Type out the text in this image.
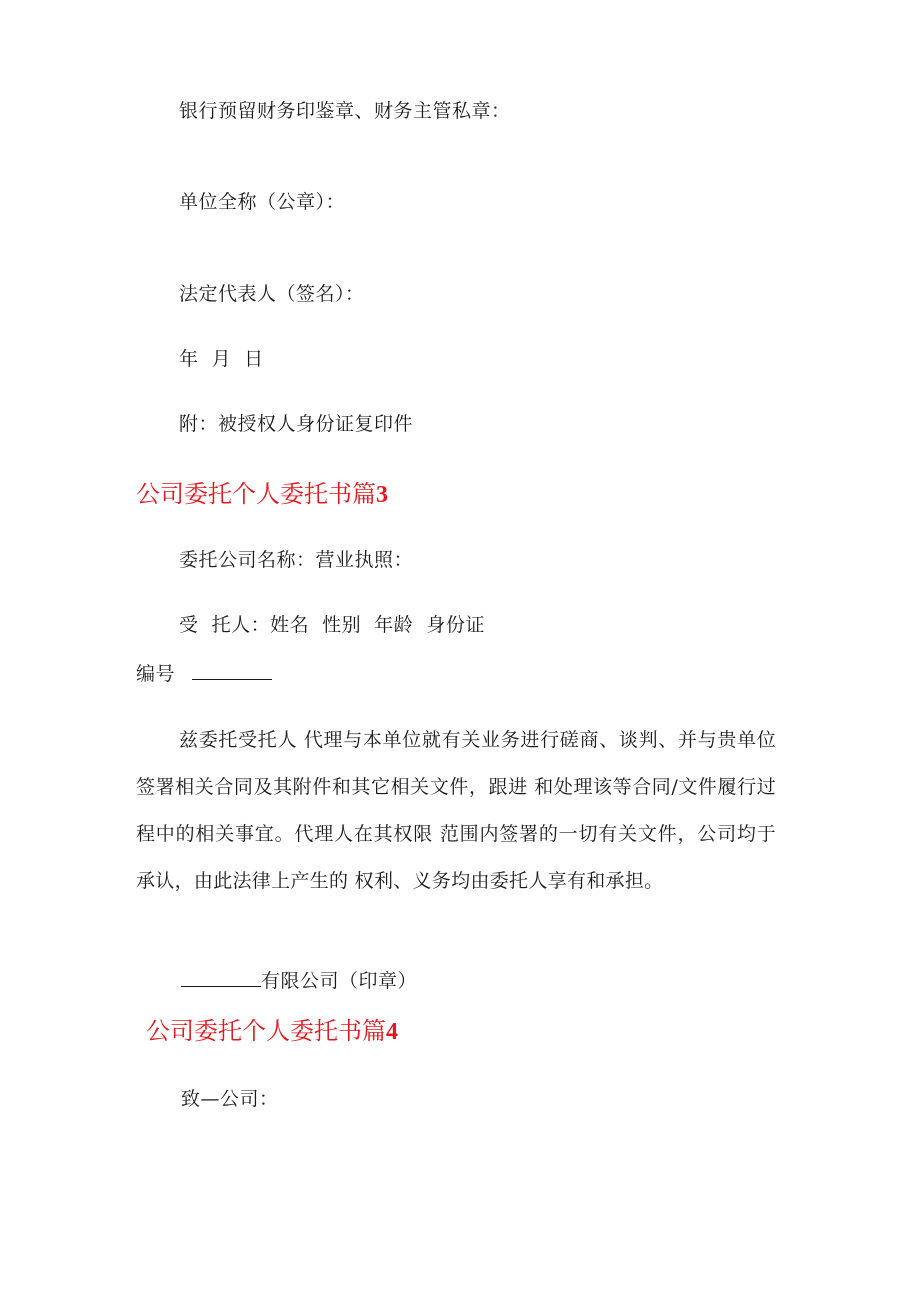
银行预留财务印鉴章、财务主管私章：
单位全称（公章）：
法定代表人（签名）：
年  月  日
附：被授权人身份证复印件
公司委托个人委托书篇3
委托公司名称：营业执照：
受  托人：姓名  性别  年龄  身份证
编号
兹委托受托人 代理与本单位就有关业务进行磋商、谈判、并与贵单位签署相关合同及其附件和其它相关文件，跟进 和处理该等合同/文件履行过程中的相关事宜。代理人在其权限 范围内签署的一切有关文件，公司均于承认，由此法律上产生的 权利、义务均由委托人享有和承担。
有限公司（印章）
公司委托个人委托书篇4
致—公司：
